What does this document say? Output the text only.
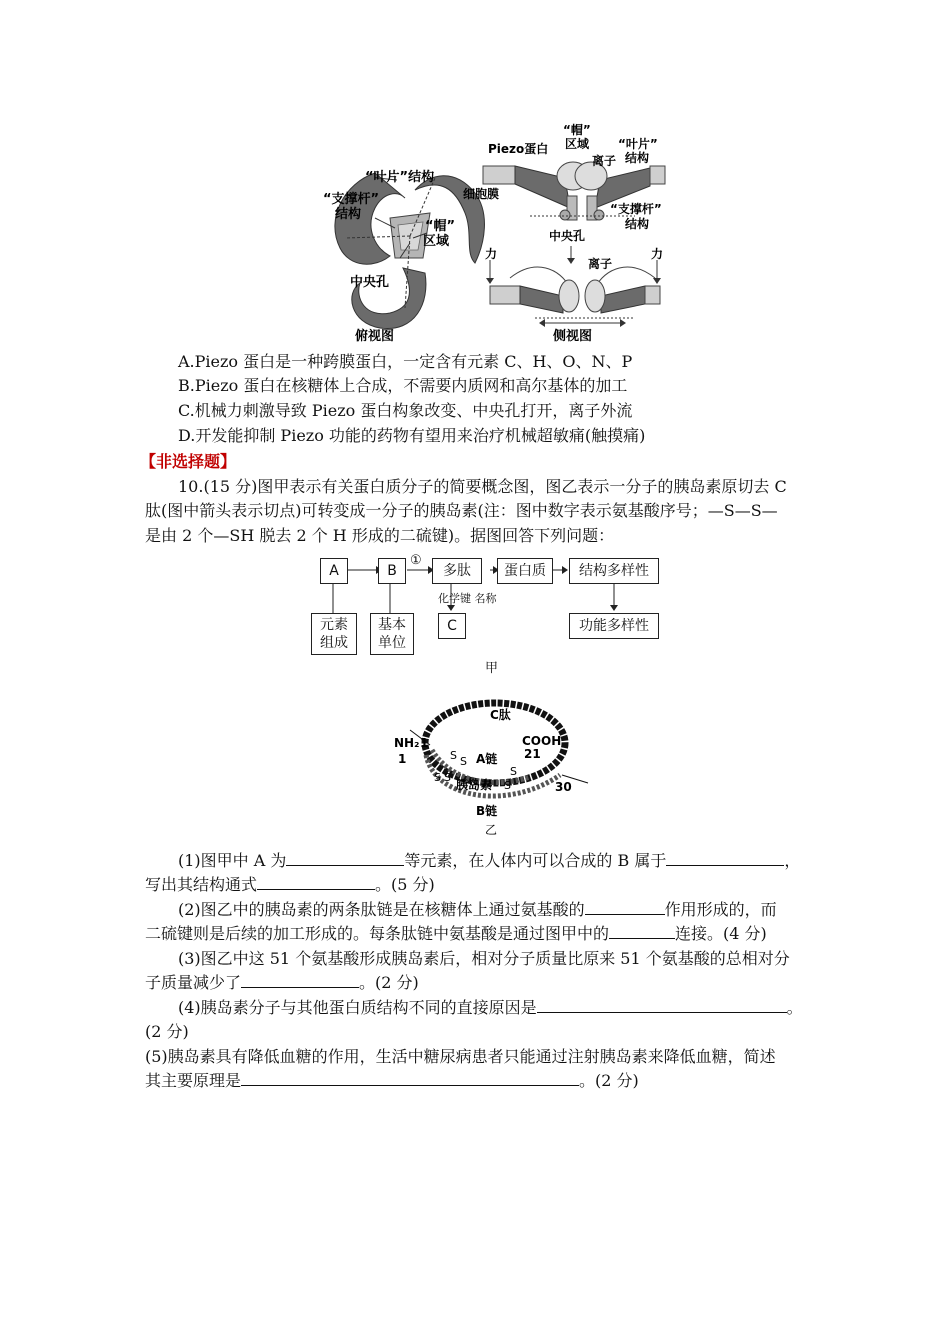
“叶片”结构
“支撑杆”
结构
“帽”
区域
中央孔
俯视图
Piezo蛋白
“帽”
区域 “叶片”
结构
离子
细胞膜
“支撑杆”
结构
中央孔
力	力
离子
侧视图
A.Piezo 蛋白是一种跨膜蛋白，一定含有元素 C、H、O、N、P
B.Piezo 蛋白在核糖体上合成，不需要内质网和高尔基体的加工
C.机械力刺激导致 Piezo 蛋白构象改变、中央孔打开，离子外流
D.开发能抑制 Piezo 功能的药物有望用来治疗机械超敏痛(触摸痛)
【非选择题】
10.(15 分)图甲表示有关蛋白质分子的简要概念图，图乙表示一分子的胰岛素原切去 C
肽(图中箭头表示切点)可转变成一分子的胰岛素(注：图中数字表示氨基酸序号；—S—S—
是由 2 个—SH 脱去 2 个 H 形成的二硫键)。据图回答下列问题：
A	B
①
多肽	蛋白质	结构多样性
元素
组成
基本
单位
化学键 名称
C	功能多样性
甲
C肽
NH₂ 1
1
COOH
21
A链
胰岛素
S S
S S	S
S	30
B链
乙
(1)图甲中 A 为	等元素，在人体内可以合成的 B 属于	，
写出其结构通式	。(5 分)
(2)图乙中的胰岛素的两条肽链是在核糖体上通过氨基酸的	作用形成的，而
二硫键则是后续的加工形成的。每条肽链中氨基酸是通过图甲中的	连接。(4 分)
(3)图乙中这 51 个氨基酸形成胰岛素后，相对分子质量比原来 51 个氨基酸的总相对分
子质量减少了	。(2 分)
(4)胰岛素分子与其他蛋白质结构不同的直接原因是	。
(2 分)
(5)胰岛素具有降低血糖的作用，生活中糖尿病患者只能通过注射胰岛素来降低血糖，简述
其主要原理是	。(2 分)
